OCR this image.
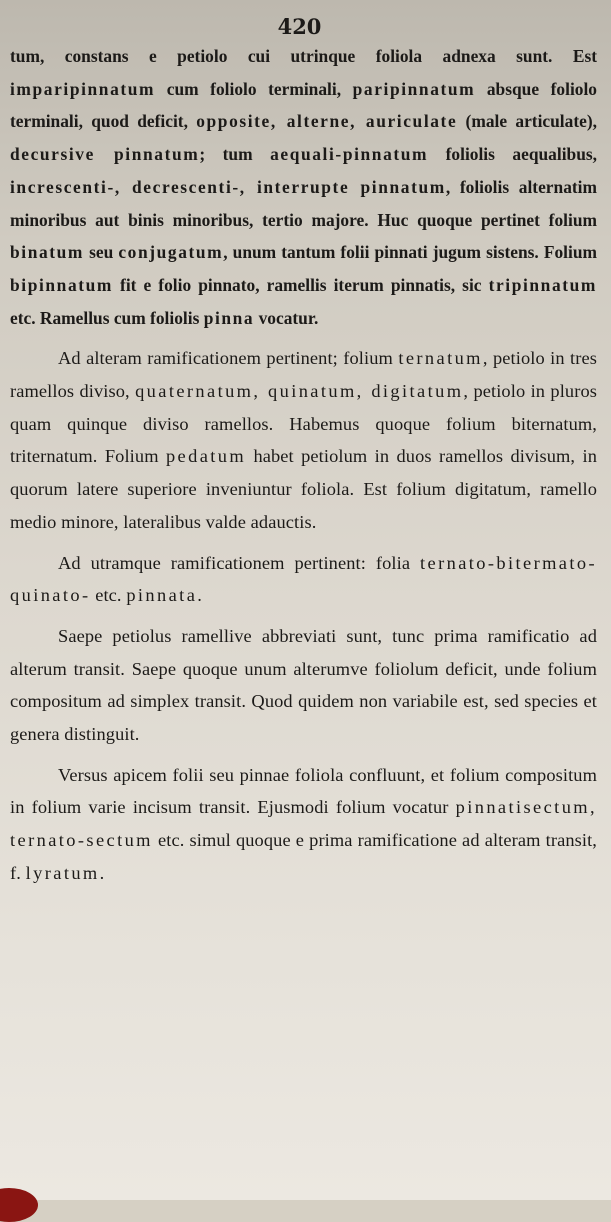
420

tum, constans e petiolo cui utrinque foliola adnexa sunt. Est imparipinnatum cum foliolo terminali, paripinnatum absque foliolo terminali, quod deficit, opposite, alterne, auriculate (male articulate), decursive pinnatum; tum aequali-pinnatum foliolis aequalibus, increscenti-, decrescenti-, interrupte pinnatum, foliolis alternatim minoribus aut binis minoribus, tertio majore. Huc quoque pertinet folium binatum seu conjugatum, unum tantum folii pinnati jugum sistens. Folium bipinnatum fit e folio pinnato, ramellis iterum pinnatis, sic tripinnatum etc. Ramellus cum foliolis pinna vocatur.

Ad alteram ramificationem pertinent; folium ternatum, petiolo in tres ramellos diviso, quaternatum, quinatum, digitatum, petiolo in pluros quam quinque diviso ramellos. Habemus quoque folium biternatum, triternatum. Folium pedatum habet petiolum in duos ramellos divisum, in quorum latere superiore inveniuntur foliola. Est folium digitatum, ramello medio minore, lateralibus valde adauctis.

Ad utramque ramificationem pertinent: folia ternato-bitermato-quinato- etc. pinnata.

Saepe petiolus ramellive abbreviati sunt, tunc prima ramificatio ad alterum transit. Saepe quoque unum alterumve foliolum deficit, unde folium compositum ad simplex transit. Quod quidem non variabile est, sed species et genera distinguit.

Versus apicem folii seu pinnae foliola confluunt, et folium compositum in folium varie incisum transit. Ejusmodi folium vocatur pinnatisectum, ternato-sectum etc. simul quoque e prima ramificatione ad alteram transit, f. lyratum.
